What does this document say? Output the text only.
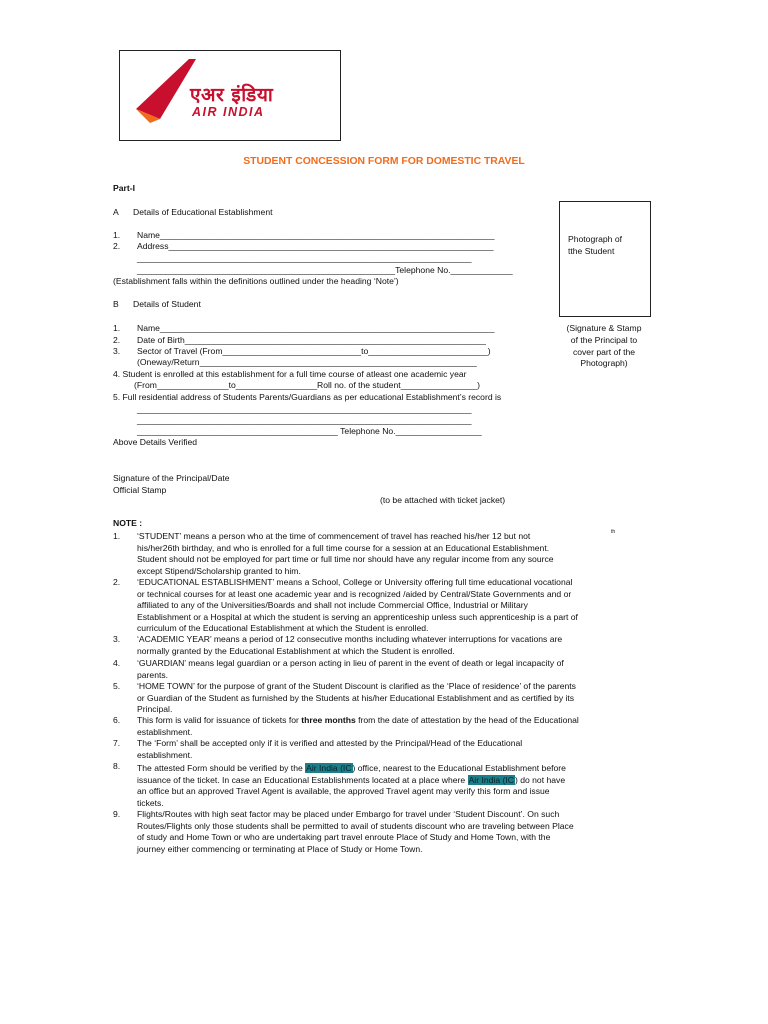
एअर इंडिया
AIR INDIA
STUDENT CONCESSION FORM FOR DOMESTIC TRAVEL
Part-I
A Details of Educational Establishment
1. Name______________________________________________________________________
2. Address____________________________________________________________________
______________________________________________________________________
______________________________________________________Telephone No._____________
(Establishment falls within the definitions outlined under the heading ‘Note’)
Photograph of
tthe Student
(Signature & Stamp
of the Principal to
cover part of the
Photograph)
B Details of Student
1. Name______________________________________________________________________
2. Date of Birth_______________________________________________________________
3. Sector of Travel (From_____________________________to_________________________)
(Oneway/Return__________________________________________________________
4. Student is enrolled at this establishment for a full time course of atleast one academic year
(From_______________to_________________Roll no. of the student________________)
5. Full residential address of Students Parents/Guardians as per educational Establishment’s record is
______________________________________________________________________
______________________________________________________________________
__________________________________________ Telephone No.__________________
Above Details Verified
Signature of the Principal/Date
Official Stamp
(to be attached with ticket jacket)
NOTE :
th
1. ‘STUDENT’ means a person who at the time of commencement of travel has reached his/her 12 but not
his/her26th birthday, and who is enrolled for a full time course for a session at an Educational Establishment.
Student should not be employed for part time or full time nor should have any regular income from any source
except Stipend/Scholarship granted to him.
2. ‘EDUCATIONAL ESTABLISHMENT’ means a School, College or University offering full time educational vocational
or technical courses for at least one academic year and is recognized /aided by Central/State Governments and or
affiliated to any of the Universities/Boards and shall not include Commercial Office, Industrial or Military
Establishment or a Hospital at which the student is serving an apprenticeship unless such apprenticeship is a part of
curriculum of the Educational Establishment at which the Student is enrolled.
3. ‘ACADEMIC YEAR’ means a period of 12 consecutive months including whatever interruptions for vacations are
normally granted by the Educational Establishment at which the Student is enrolled.
4. ‘GUARDIAN’ means legal guardian or a person acting in lieu of parent in the event of death or legal incapacity of
parents.
5. ‘HOME TOWN’ for the purpose of grant of the Student Discount is clarified as the ‘Place of residence’ of the parents
or Guardian of the Student as furnished by the Students at his/her Educational Establishment and as certified by its
Principal.
6. This form is valid for issuance of tickets for three months from the date of attestation by the head of the Educational
establishment.
7. The ‘Form’ shall be accepted only if it is verified and attested by the Principal/Head of the Educational
establishment.
8. The attested Form should be verified by the Air India (IC) office, nearest to the Educational Establishment before
issuance of the ticket. In case an Educational Establishments located at a place where Air India (IC) do not have
an office but an approved Travel Agent is available, the approved Travel agent may verify this form and issue
tickets.
9. Flights/Routes with high seat factor may be placed under Embargo for travel under ‘Student Discount’. On such
Routes/Flights only those students shall be permitted to avail of students discount who are traveling between Place
of study and Home Town or who are undertaking part travel enroute Place of Study and Home Town, with the
journey either commencing or terminating at Place of Study or Home Town.
